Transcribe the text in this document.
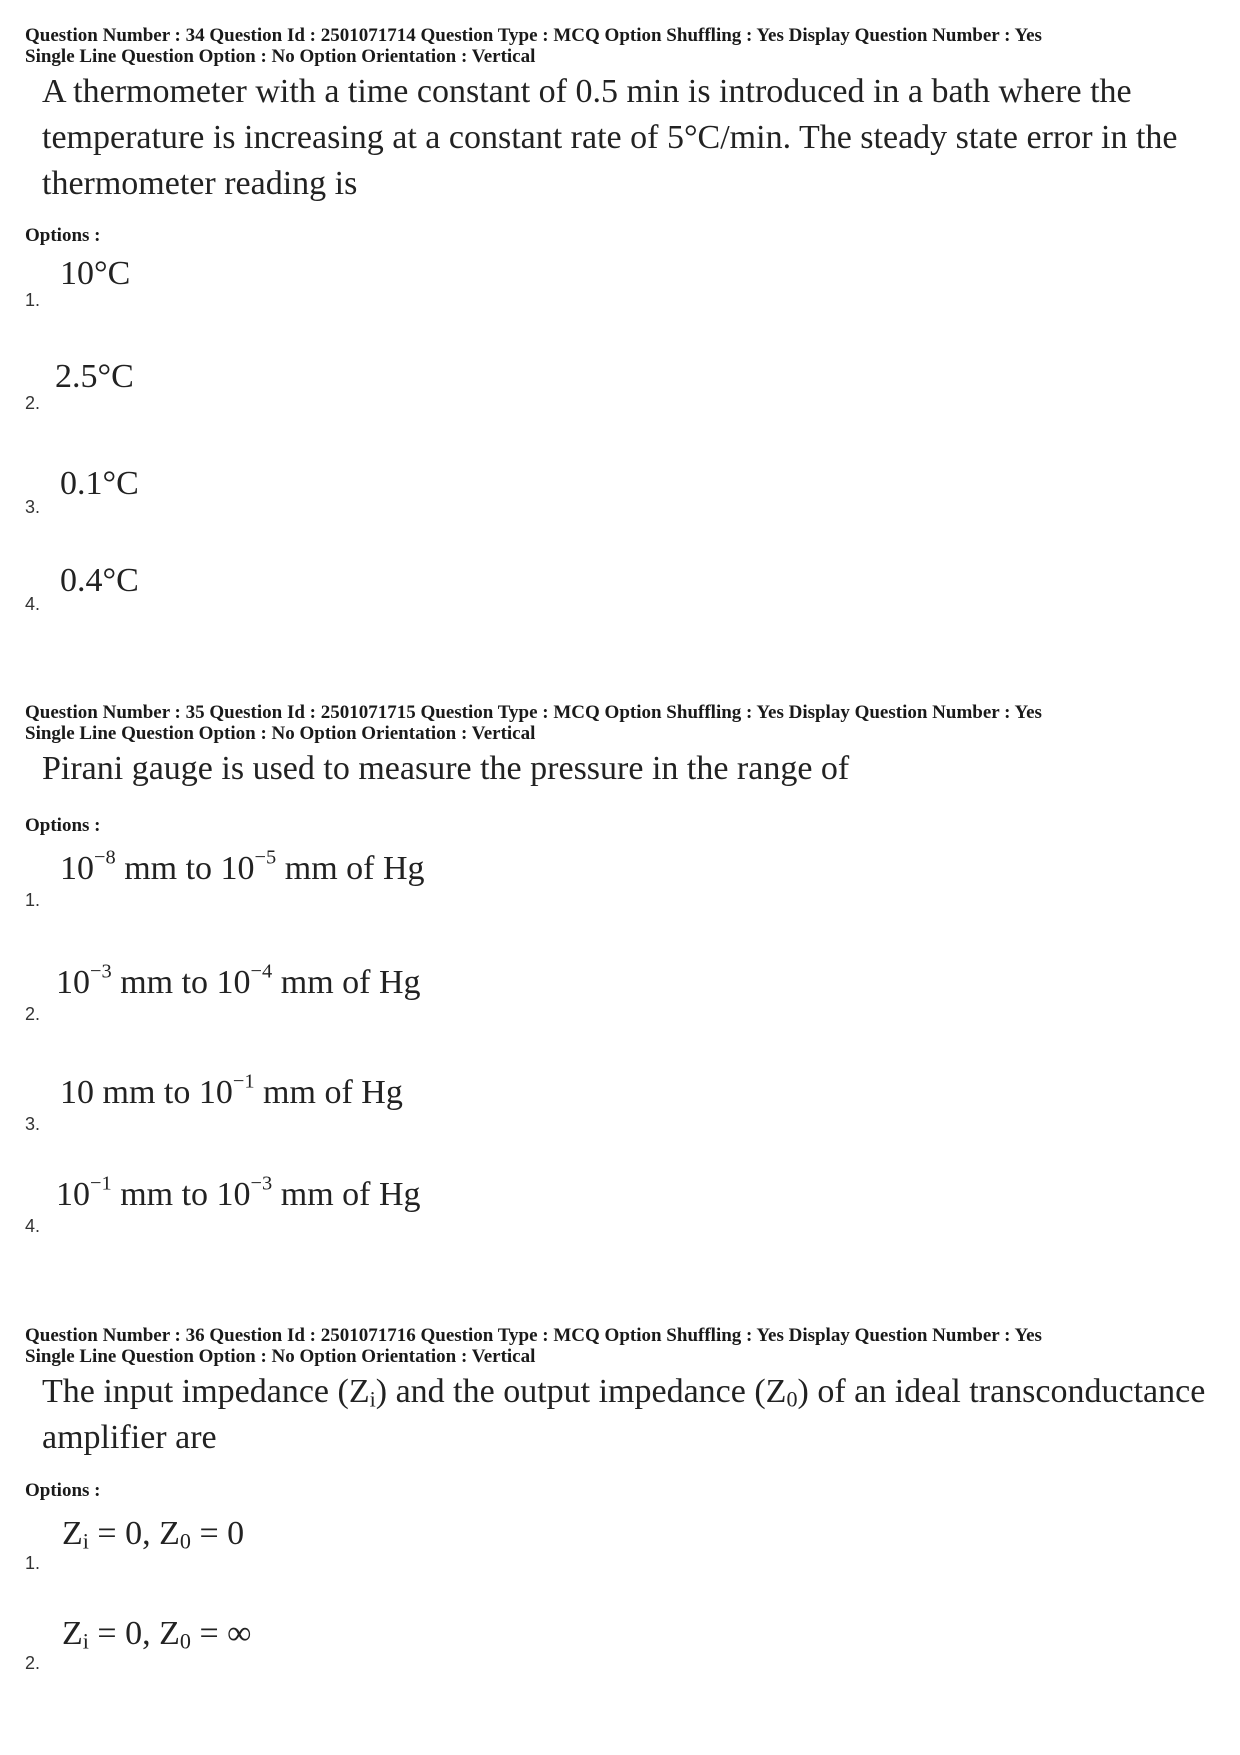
Question Number : 34 Question Id : 2501071714 Question Type : MCQ Option Shuffling : Yes Display Question Number : Yes
Single Line Question Option : No Option Orientation : Vertical
A thermometer with a time constant of 0.5 min is introduced in a bath where the temperature is increasing at a constant rate of 5°C/min. The steady state error in the thermometer reading is
Options :
1.
10°C
2.
2.5°C
3.
0.1°C
4.
0.4°C
Question Number : 35 Question Id : 2501071715 Question Type : MCQ Option Shuffling : Yes Display Question Number : Yes
Single Line Question Option : No Option Orientation : Vertical
Pirani gauge is used to measure the pressure in the range of
Options :
1.
$10^{-8}$ mm to $10^{-5}$ mm of Hg
2.
$10^{-3}$ mm to $10^{-4}$ mm of Hg
3.
10 mm to $10^{-1}$ mm of Hg
4.
$10^{-1}$ mm to $10^{-3}$ mm of Hg
Question Number : 36 Question Id : 2501071716 Question Type : MCQ Option Shuffling : Yes Display Question Number : Yes
Single Line Question Option : No Option Orientation : Vertical
The input impedance $(Z_i)$ and the output impedance $(Z_0)$ of an ideal transconductance amplifier are
Options :
1.
$Z_i = 0$, $Z_0 = 0$
2.
$Z_i = 0$, $Z_0$ = ∞
